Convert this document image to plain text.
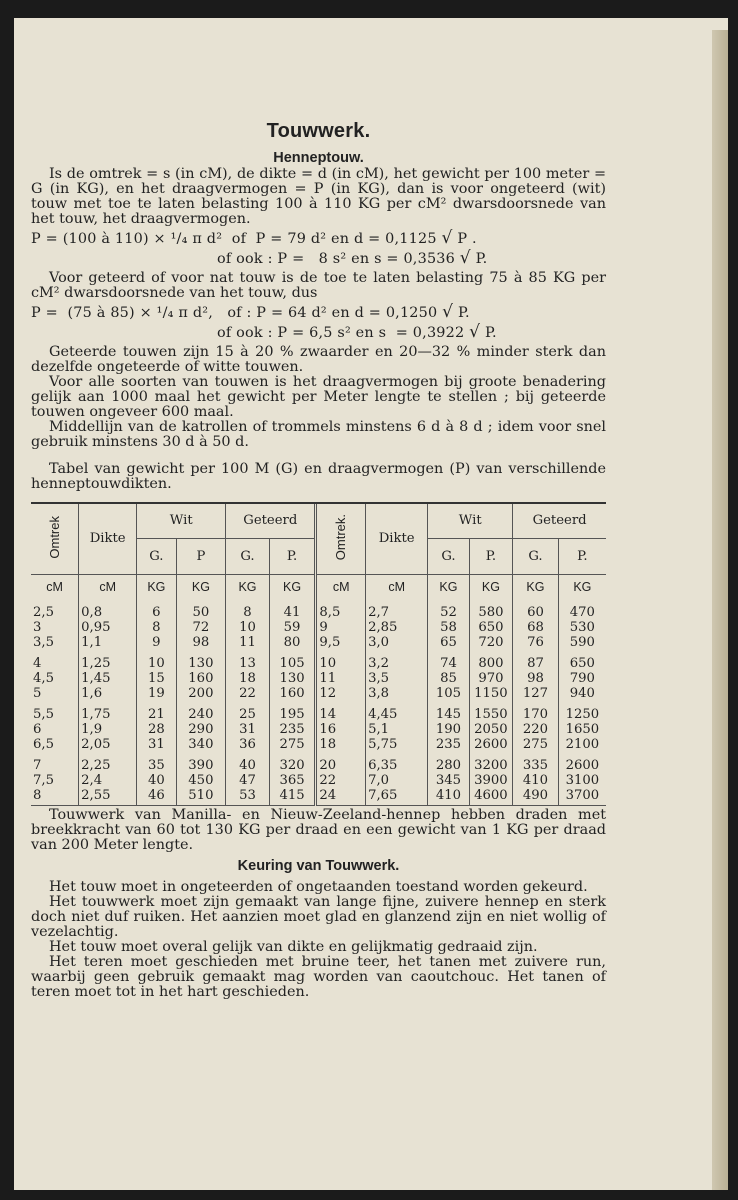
Touwwerk.
Henneptouw.

Is de omtrek = s (in cM), de dikte = d (in cM), het gewicht per 100 meter = G (in KG), en het draagvermogen = P (in KG), dan is voor ongeteerd (wit) touw met toe te laten belasting 100 à 110 KG per cM² dwarsdoorsnede van het touw, het draagvermogen.

P = (100 à 110) × ¹/₄ π d²  of  P = 79 d² en d = 0,1125 √ P .
of ook : P =   8 s² en s = 0,3536 √ P.

Voor geteerd of voor nat touw is de toe te laten belasting 75 à 85 KG per cM² dwarsdoorsnede van het touw, dus

P =  (75 à 85) × ¹/₄ π d²,   of : P = 64 d² en d = 0,1250 √ P.
of ook : P = 6,5 s² en s  = 0,3922 √ P.

Geteerde touwen zijn 15 à 20 % zwaarder en 20—32 % minder sterk dan dezelfde ongeteerde of witte touwen.

Voor alle soorten van touwen is het draagvermogen bij groote benadering gelijk aan 1000 maal het gewicht per Meter lengte te stellen ; bij geteerde touwen ongeveer 600 maal.

Middellijn van de katrollen of trommels minstens 6 d à 8 d ; idem voor snel gebruik minstens 30 d à 50 d.

Tabel van gewicht per 100 M (G) en draagvermogen (P) van verschillende henneptouwdikten.

Omtrek	Dikte	Wit		Geteerd		Omtrek.	Dikte	Wit		Geteerd	
		G.	P	G.	P.			G.	P.	G.	P.
cM	cM	KG	KG	KG	KG	cM	cM	KG	KG	KG	KG

2,5	0,8	6	50	8	41	8,5	2,7	52	580	60	470
3	0,95	8	72	10	59	9	2,85	58	650	68	530
3,5	1,1	9	98	11	80	9,5	3,0	65	720	76	590

4	1,25	10	130	13	105	10	3,2	74	800	87	650
4,5	1,45	15	160	18	130	11	3,5	85	970	98	790
5	1,6	19	200	22	160	12	3,8	105	1150	127	940

5,5	1,75	21	240	25	195	14	4,45	145	1550	170	1250
6	1,9	28	290	31	235	16	5,1	190	2050	220	1650
6,5	2,05	31	340	36	275	18	5,75	235	2600	275	2100

7	2,25	35	390	40	320	20	6,35	280	3200	335	2600
7,5	2,4	40	450	47	365	22	7,0	345	3900	410	3100
8	2,55	46	510	53	415	24	7,65	410	4600	490	3700

Touwwerk van Manilla- en Nieuw-Zeeland-hennep hebben draden met breekkracht van 60 tot 130 KG per draad en een gewicht van 1 KG per draad van 200 Meter lengte.

Keuring van Touwwerk.

Het touw moet in ongeteerden of ongetaanden toestand worden gekeurd.

Het touwwerk moet zijn gemaakt van lange fijne, zuivere hennep en sterk doch niet duf ruiken. Het aanzien moet glad en glanzend zijn en niet wollig of vezelachtig.

Het touw moet overal gelijk van dikte en gelijkmatig gedraaid zijn.

Het teren moet geschieden met bruine teer, het tanen met zuivere run, waarbij geen gebruik gemaakt mag worden van caoutchouc. Het tanen of teren moet tot in het hart geschieden.
